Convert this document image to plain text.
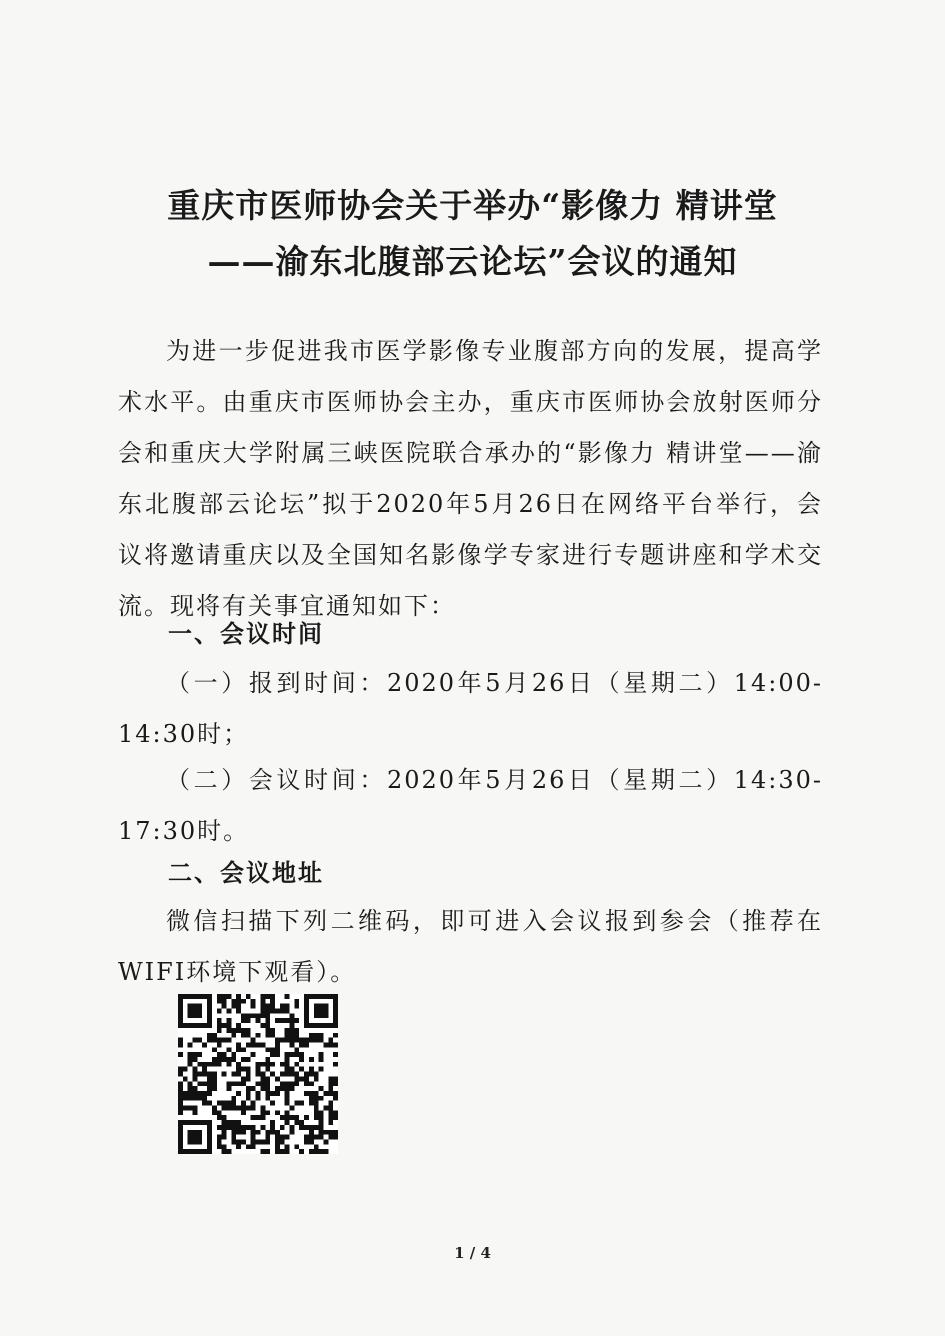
重庆市医师协会关于举办“影像力 精讲堂
——渝东北腹部云论坛”会议的通知
为进一步促进我市医学影像专业腹部方向的发展，提高学术水平。由重庆市医师协会主办，重庆市医师协会放射医师分会和重庆大学附属三峡医院联合承办的“影像力 精讲堂——渝东北腹部云论坛”拟于2020年5月26日在网络平台举行，会议将邀请重庆以及全国知名影像学专家进行专题讲座和学术交流。现将有关事宜通知如下：
一、会议时间
（一）报到时间：2020年5月26日（星期二）14:00-14:30时；
（二）会议时间：2020年5月26日（星期二）14:30-17:30时。
二、会议地址
微信扫描下列二维码，即可进入会议报到参会（推荐在WIFI环境下观看）。
1 / 4
